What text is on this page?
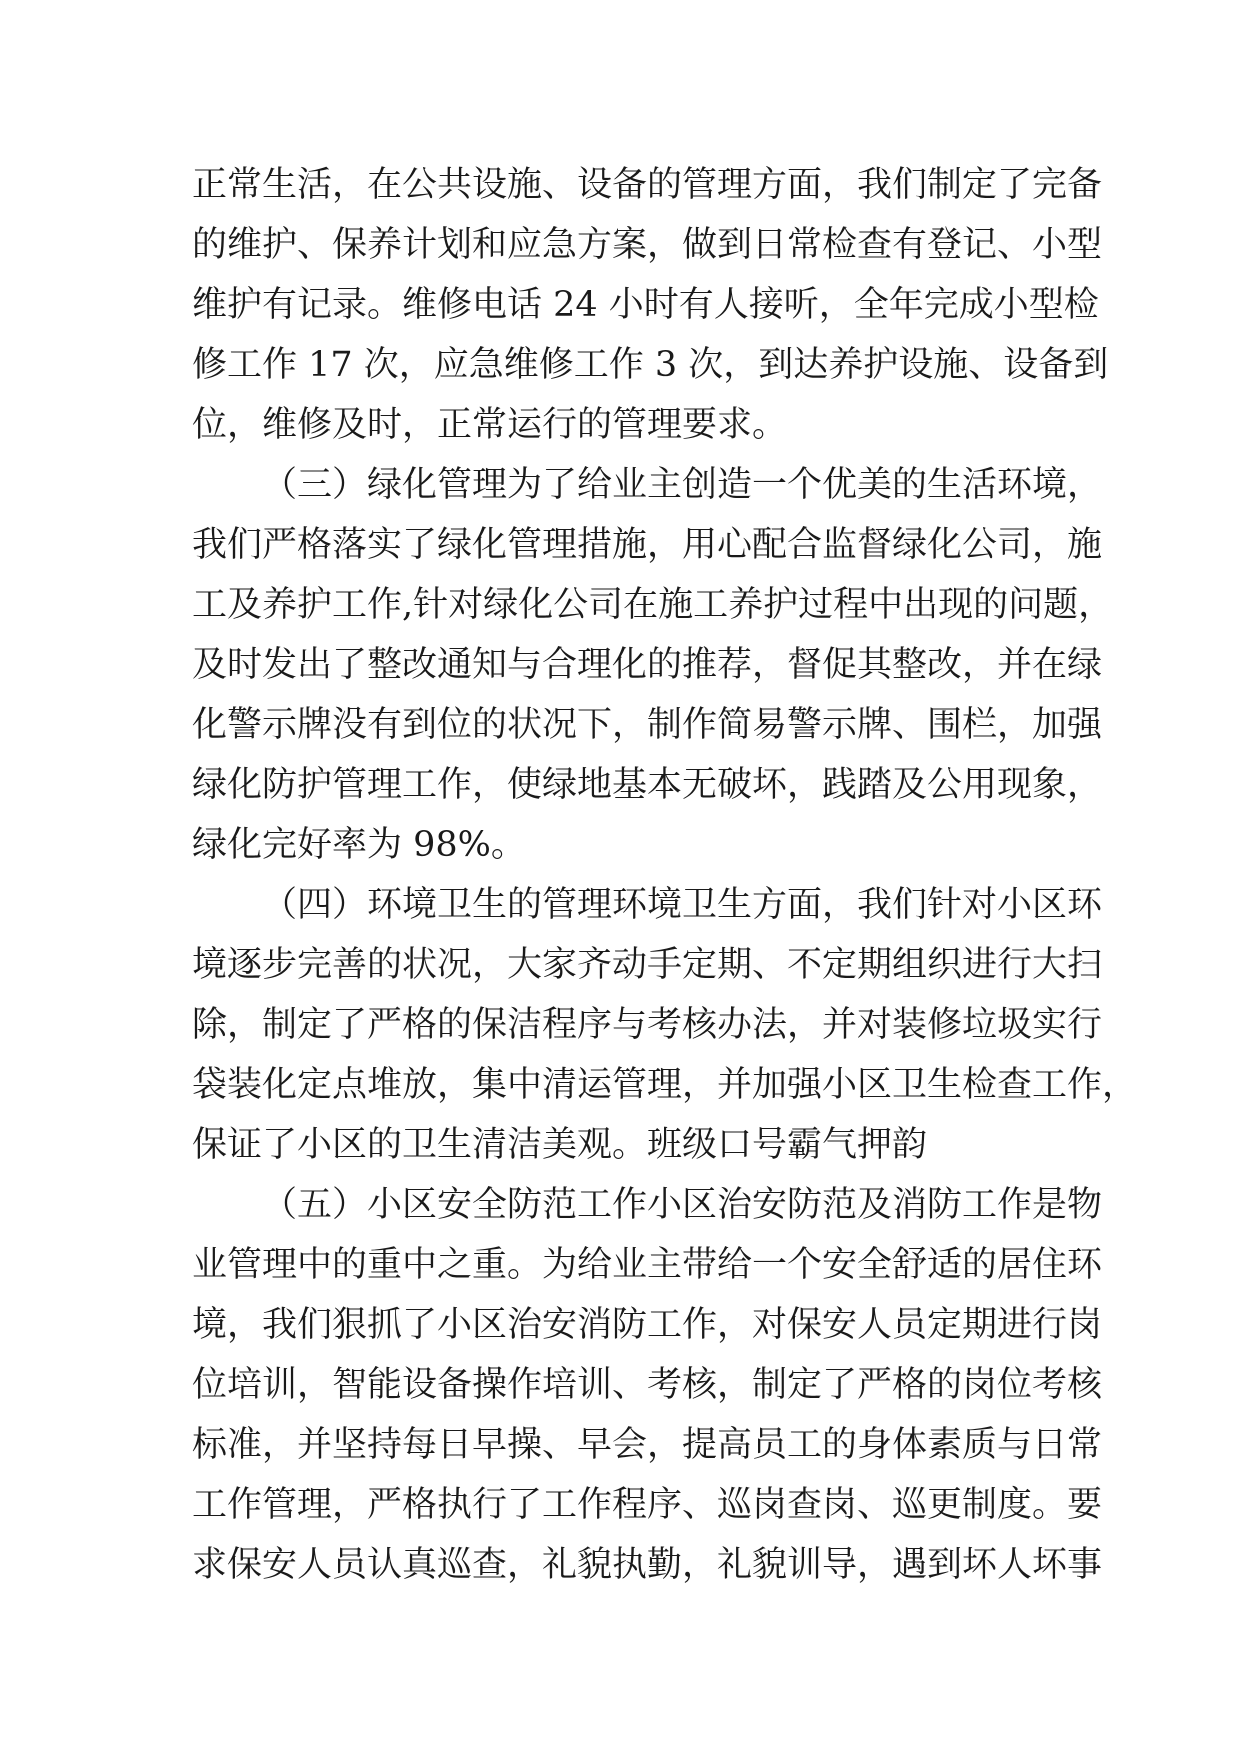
正常生活，在公共设施、设备的管理方面，我们制定了完备
的维护、保养计划和应急方案，做到日常检查有登记、小型
维护有记录。维修电话 24 小时有人接听，全年完成小型检
修工作 17 次，应急维修工作 3 次，到达养护设施、设备到
位，维修及时，正常运行的管理要求。
（三）绿化管理为了给业主创造一个优美的生活环境，
我们严格落实了绿化管理措施，用心配合监督绿化公司，施
工及养护工作,针对绿化公司在施工养护过程中出现的问题，
及时发出了整改通知与合理化的推荐，督促其整改，并在绿
化警示牌没有到位的状况下，制作简易警示牌、围栏，加强
绿化防护管理工作，使绿地基本无破坏，践踏及公用现象，
绿化完好率为 98%。
（四）环境卫生的管理环境卫生方面，我们针对小区环
境逐步完善的状况，大家齐动手定期、不定期组织进行大扫
除，制定了严格的保洁程序与考核办法，并对装修垃圾实行
袋装化定点堆放，集中清运管理，并加强小区卫生检查工作，
保证了小区的卫生清洁美观。班级口号霸气押韵
（五）小区安全防范工作小区治安防范及消防工作是物
业管理中的重中之重。为给业主带给一个安全舒适的居住环
境，我们狠抓了小区治安消防工作，对保安人员定期进行岗
位培训，智能设备操作培训、考核，制定了严格的岗位考核
标准，并坚持每日早操、早会，提高员工的身体素质与日常
工作管理，严格执行了工作程序、巡岗查岗、巡更制度。要
求保安人员认真巡查，礼貌执勤，礼貌训导，遇到坏人坏事
